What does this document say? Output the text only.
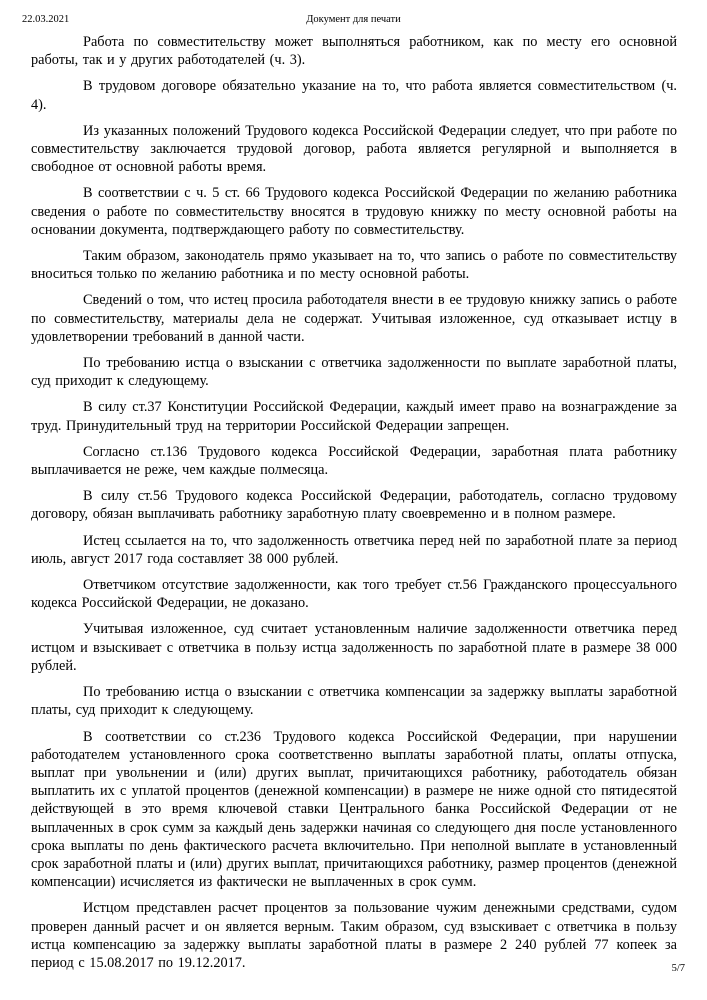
22.03.2021	Документ для печати

Работа по совместительству может выполняться работником, как по месту его основной работы, так и у других работодателей (ч. 3).

В трудовом договоре обязательно указание на то, что работа является совместительством (ч. 4).

Из указанных положений Трудового кодекса Российской Федерации следует, что при работе по совместительству заключается трудовой договор, работа является регулярной и выполняется в свободное от основной работы время.

В соответствии с ч. 5 ст. 66 Трудового кодекса Российской Федерации по желанию работника сведения о работе по совместительству вносятся в трудовую книжку по месту основной работы на основании документа, подтверждающего работу по совместительству.

Таким образом, законодатель прямо указывает на то, что запись о работе по совместительству вноситься только по желанию работника и по месту основной работы.

Сведений о том, что истец просила работодателя внести в ее трудовую книжку запись о работе по совместительству, материалы дела не содержат. Учитывая изложенное, суд отказывает истцу в удовлетворении требований в данной части.

По требованию истца о взыскании с ответчика задолженности по выплате заработной платы, суд приходит к следующему.

В силу ст.37 Конституции Российской Федерации, каждый имеет право на вознаграждение за труд. Принудительный труд на территории Российской Федерации запрещен.

Согласно ст.136 Трудового кодекса Российской Федерации, заработная плата работнику выплачивается не реже, чем каждые полмесяца.

В силу ст.56 Трудового кодекса Российской Федерации, работодатель, согласно трудовому договору, обязан выплачивать работнику заработную плату своевременно и в полном размере.

Истец ссылается на то, что задолженность ответчика перед ней по заработной плате за период июль, август 2017 года составляет 38 000 рублей.

Ответчиком отсутствие задолженности, как того требует ст.56 Гражданского процессуального кодекса Российской Федерации, не доказано.

Учитывая изложенное, суд считает установленным наличие задолженности ответчика перед истцом и взыскивает с ответчика в пользу истца задолженность по заработной плате в размере 38 000 рублей.

По требованию истца о взыскании с ответчика компенсации за задержку выплаты заработной платы, суд приходит к следующему.

В соответствии со ст.236 Трудового кодекса Российской Федерации, при нарушении работодателем установленного срока соответственно выплаты заработной платы, оплаты отпуска, выплат при увольнении и (или) других выплат, причитающихся работнику, работодатель обязан выплатить их с уплатой процентов (денежной компенсации) в размере не ниже одной сто пятидесятой действующей в это время ключевой ставки Центрального банка Российской Федерации от не выплаченных в срок сумм за каждый день задержки начиная со следующего дня после установленного срока выплаты по день фактического расчета включительно. При неполной выплате в установленный срок заработной платы и (или) других выплат, причитающихся работнику, размер процентов (денежной компенсации) исчисляется из фактически не выплаченных в срок сумм.

Истцом представлен расчет процентов за пользование чужим денежными средствами, судом проверен данный расчет и он является верным. Таким образом, суд взыскивает с ответчика в пользу истца компенсацию за задержку выплаты заработной платы в размере 2 240 рублей 77 копеек за период с 15.08.2017 по 19.12.2017.	5/7
